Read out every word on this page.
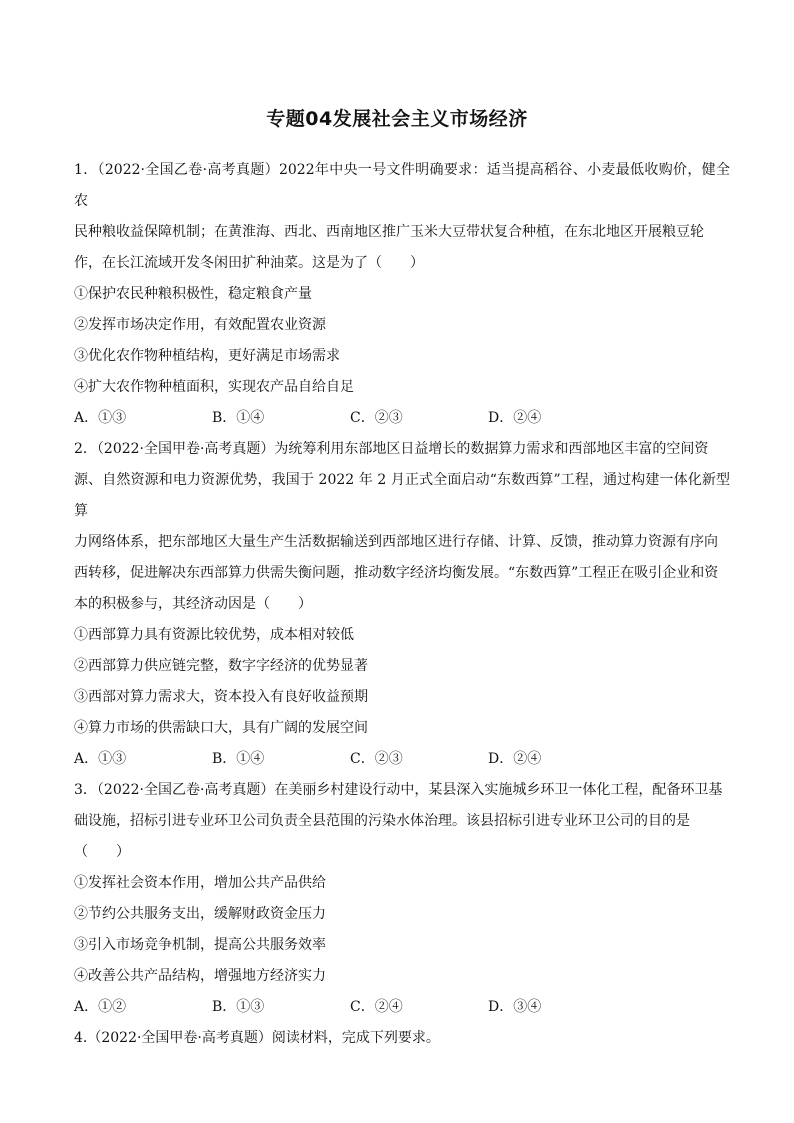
专题04发展社会主义市场经济

1．（2022·全国乙卷·高考真题）2022年中央一号文件明确要求：适当提高稻谷、小麦最低收购价，健全农

民种粮收益保障机制；在黄淮海、西北、西南地区推广玉米大豆带状复合种植，在东北地区开展粮豆轮

作，在长江流域开发冬闲田扩种油菜。这是为了（　　）

①保护农民种粮积极性，稳定粮食产量

②发挥市场决定作用，有效配置农业资源

③优化农作物种植结构，更好满足市场需求

④扩大农作物种植面积，实现农产品自给自足

A．①③	B．①④	C．②③	D．②④

2．（2022·全国甲卷·高考真题）为统筹利用东部地区日益增长的数据算力需求和西部地区丰富的空间资

源、自然资源和电力资源优势，我国于 2022 年 2 月正式全面启动“东数西算”工程，通过构建一体化新型算

力网络体系，把东部地区大量生产生活数据输送到西部地区进行存储、计算、反馈，推动算力资源有序向

西转移，促进解决东西部算力供需失衡问题，推动数字经济均衡发展。“东数西算”工程正在吸引企业和资

本的积极参与，其经济动因是（　　）

①西部算力具有资源比较优势，成本相对较低

②西部算力供应链完整，数字字经济的优势显著

③西部对算力需求大，资本投入有良好收益预期

④算力市场的供需缺口大，具有广阔的发展空间

A．①③	B．①④	C．②③	D．②④

3．（2022·全国乙卷·高考真题）在美丽乡村建设行动中，某县深入实施城乡环卫一体化工程，配备环卫基

础设施，招标引进专业环卫公司负责全县范围的污染水体治理。该县招标引进专业环卫公司的目的是

（　　）

①发挥社会资本作用，增加公共产品供给

②节约公共服务支出，缓解财政资金压力

③引入市场竞争机制，提高公共服务效率

④改善公共产品结构，增强地方经济实力

A．①②	B．①③	C．②④	D．③④

4.（2022·全国甲卷·高考真题）阅读材料，完成下列要求。
